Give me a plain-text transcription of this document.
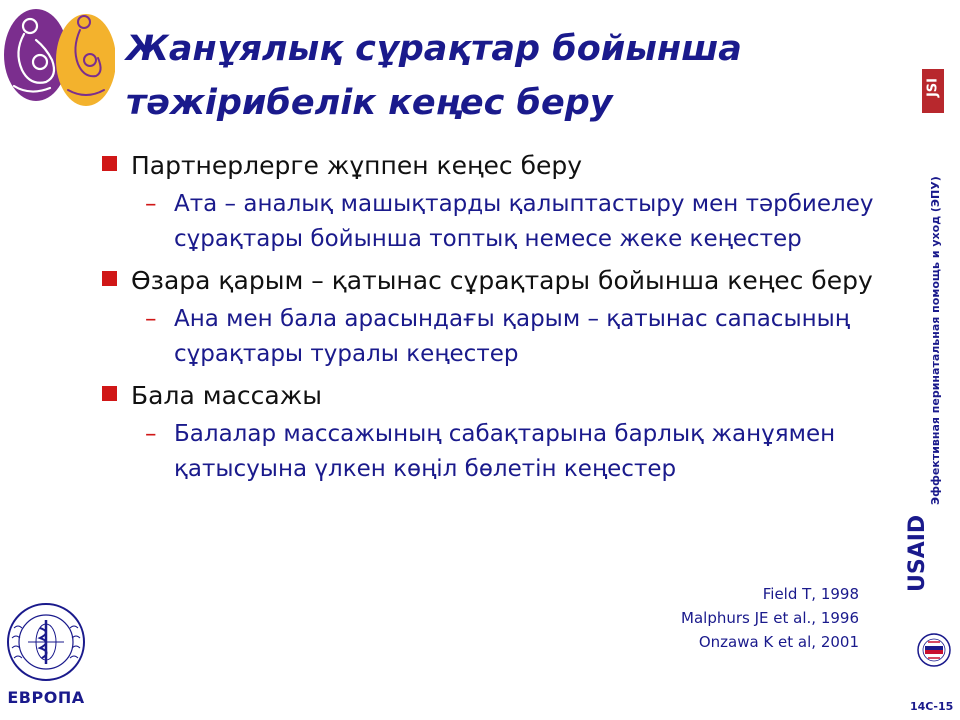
Жанұялық сұрақтар бойынша тәжірибелік кеңес беру
Партнерлерге жұппен кеңес беру
– Ата – аналық машықтарды қалыптастыру мен тәрбиелеу сұрақтары бойынша топтық немесе жеке кеңестер
Өзара қарым – қатынас сұрақтары бойынша кеңес беру
– Ана мен бала арасындағы қарым – қатынас сапасының сұрақтары туралы кеңестер
Бала массажы
– Балалар массажының сабақтарына барлық жанұямен қатысуына үлкен көңіл бөлетін кеңестер
Field T, 1998
Malphurs JE et al., 1996
Onzawa K et al, 2001
JSI
Эффективная перинатальная помощь и уход (ЭПУ)
USAID
ЕВРОПА	14С-15
